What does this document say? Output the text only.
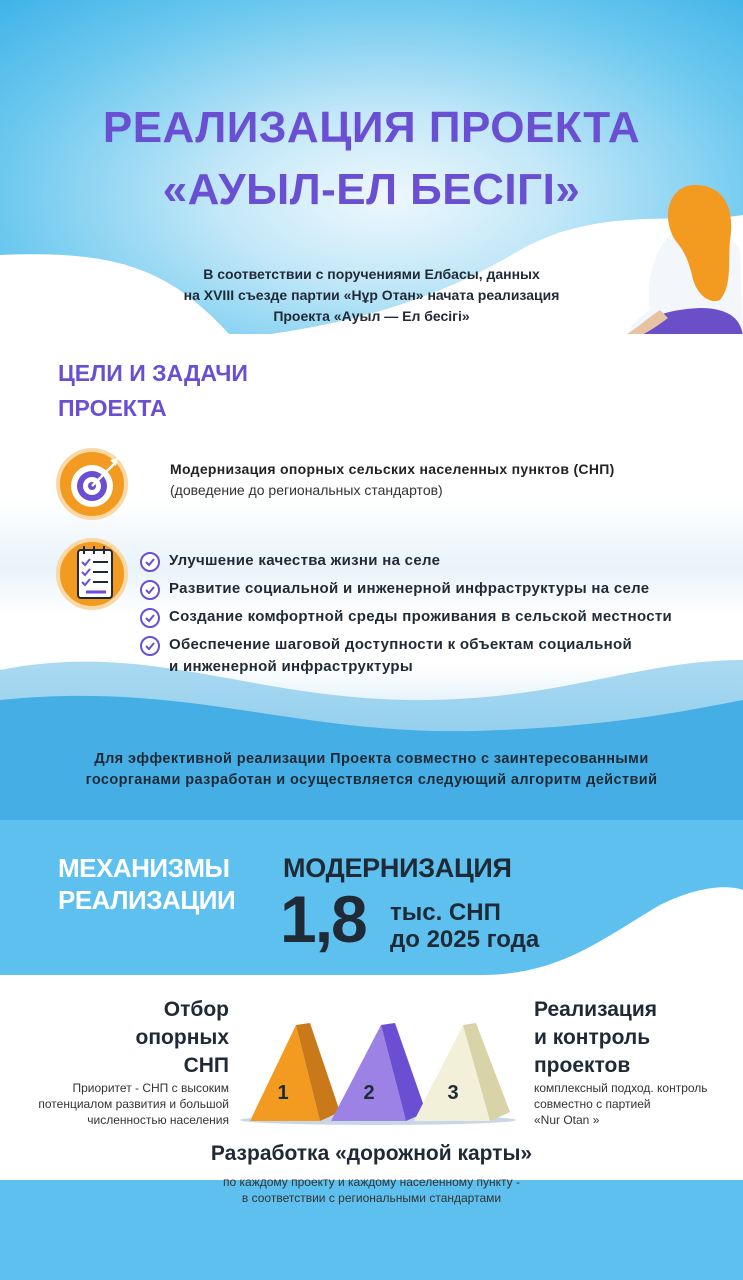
РЕАЛИЗАЦИЯ ПРОЕКТА
«АУЫЛ-ЕЛ БЕСІГІ»
В соответствии с поручениями Елбасы, данных
на XVIII съезде партии «Нұр Отан» начата реализация
Проекта «Ауыл — Ел бесігі»
ЦЕЛИ И ЗАДАЧИ
ПРОЕКТА
Модернизация опорных сельских населенных пунктов (СНП)
(доведение до региональных стандартов)
Улучшение качества жизни на селе
Развитие социальной и инженерной инфраструктуры на селе
Создание комфортной среды проживания в сельской местности
Обеспечение шаговой доступности к объектам социальной
и инженерной инфраструктуры
Для эффективной реализации Проекта совместно с заинтересованными
госорганами разработан и осуществляется следующий алгоритм действий
МЕХАНИЗМЫ
РЕАЛИЗАЦИИ
МОДЕРНИЗАЦИЯ
1,8 тыс. СНП
до 2025 года
Отбор
опорных
СНП
Приоритет - СНП с высоким
потенциалом развития и большой
численностью населения
Реализация
и контроль
проектов
комплексный подход. контроль
совместно с партией
«Nur Otan »
1	2	3
Разработка «дорожной карты»
по каждому проекту и каждому населенному пункту -
в соответствии с региональными стандартами
